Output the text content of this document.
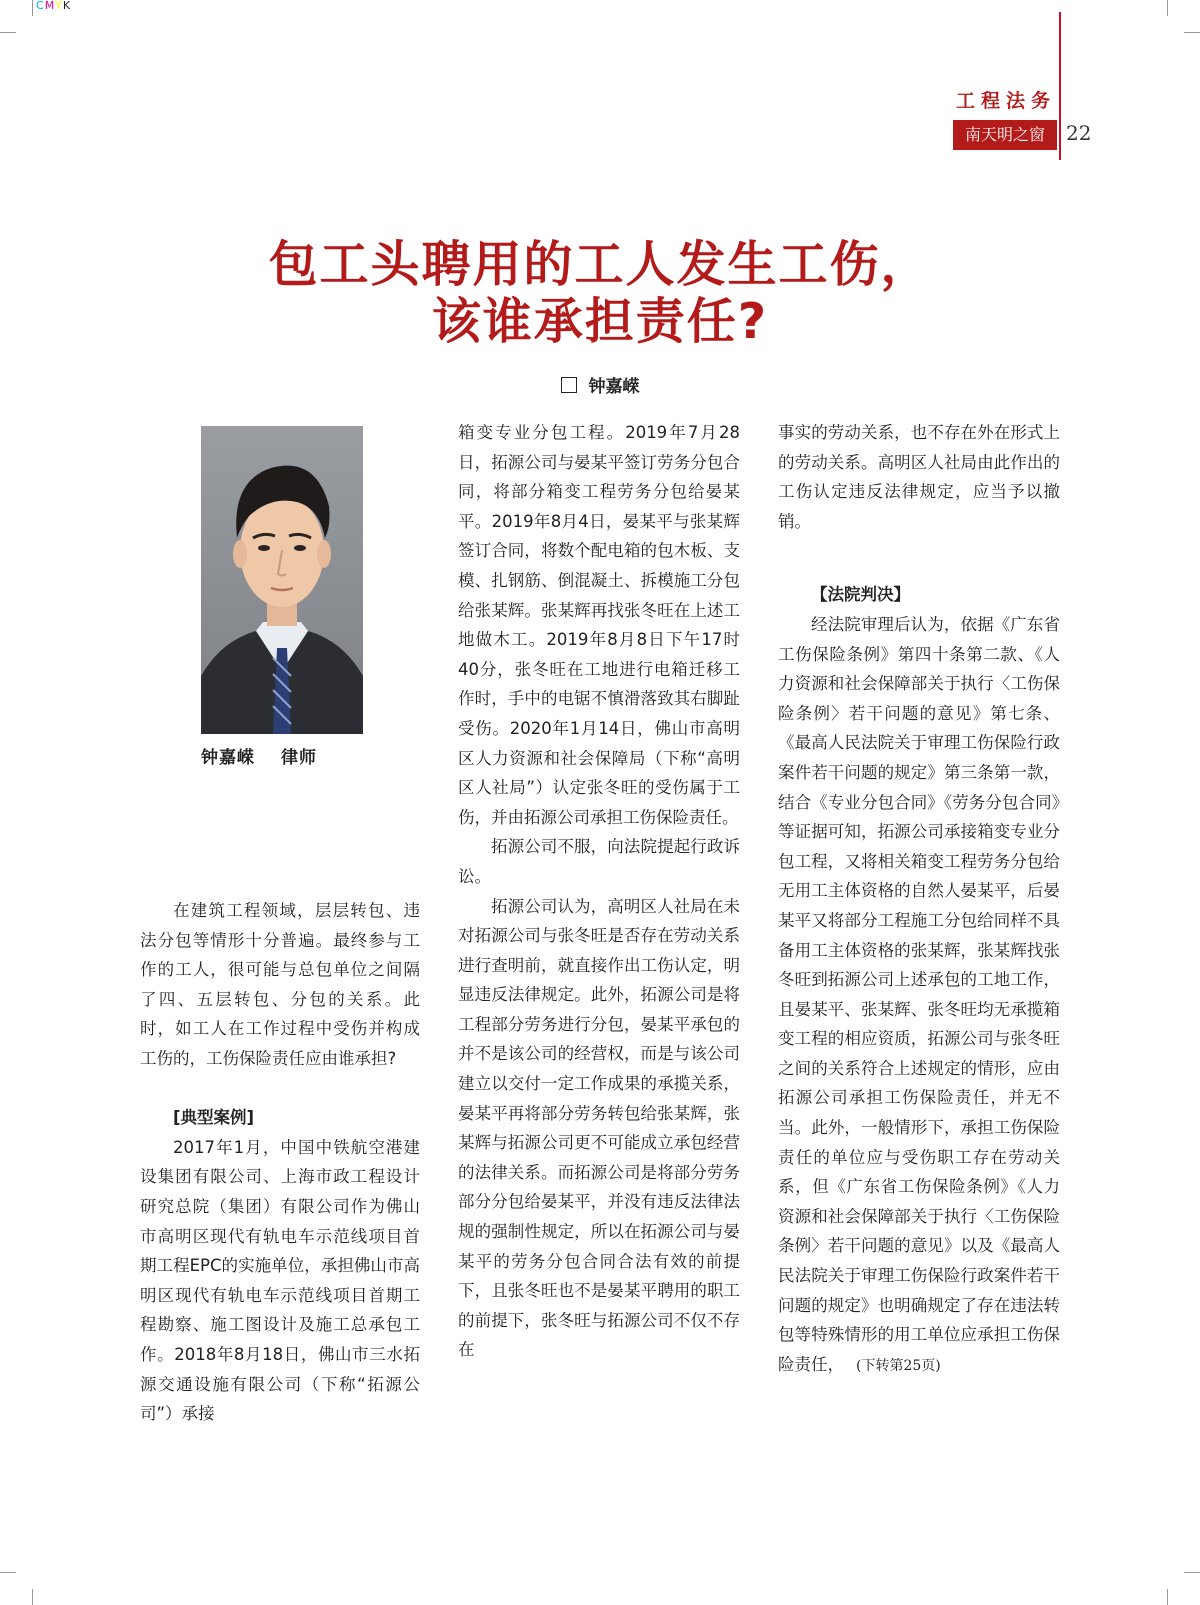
CMYK
工程法务
南天明之窗	22
包工头聘用的工人发生工伤，
该谁承担责任?
钟嘉嵘
钟嘉嵘 律师

在建筑工程领域，层层转包、违法分包等情形十分普遍。最终参与工作的工人，很可能与总包单位之间隔了四、五层转包、分包的关系。此时，如工人在工作过程中受伤并构成工伤的，工伤保险责任应由谁承担?

[典型案例]

2017年1月，中国中铁航空港建设集团有限公司、上海市政工程设计研究总院（集团）有限公司作为佛山市高明区现代有轨电车示范线项目首期工程EPC的实施单位，承担佛山市高明区现代有轨电车示范线项目首期工程勘察、施工图设计及施工总承包工作。2018年8月18日，佛山市三水拓源交通设施有限公司（下称“拓源公司”）承接

箱变专业分包工程。2019年7月28日，拓源公司与晏某平签订劳务分包合同，将部分箱变工程劳务分包给晏某平。2019年8月4日，晏某平与张某辉签订合同，将数个配电箱的包木板、支模、扎钢筋、倒混凝土、拆模施工分包给张某辉。张某辉再找张冬旺在上述工地做木工。2019年8月8日下午17时40分，张冬旺在工地进行电箱迁移工作时，手中的电锯不慎滑落致其右脚趾受伤。2020年1月14日，佛山市高明区人力资源和社会保障局（下称“高明区人社局”）认定张冬旺的受伤属于工伤，并由拓源公司承担工伤保险责任。

拓源公司不服，向法院提起行政诉讼。

拓源公司认为，高明区人社局在未对拓源公司与张冬旺是否存在劳动关系进行查明前，就直接作出工伤认定，明显违反法律规定。此外，拓源公司是将工程部分劳务进行分包，晏某平承包的并不是该公司的经营权，而是与该公司建立以交付一定工作成果的承揽关系，晏某平再将部分劳务转包给张某辉，张某辉与拓源公司更不可能成立承包经营的法律关系。而拓源公司是将部分劳务部分分包给晏某平，并没有违反法律法规的强制性规定，所以在拓源公司与晏某平的劳务分包合同合法有效的前提下，且张冬旺也不是晏某平聘用的职工的前提下，张冬旺与拓源公司不仅不存在

事实的劳动关系，也不存在外在形式上的劳动关系。高明区人社局由此作出的工伤认定违反法律规定，应当予以撤销。

【法院判决】

经法院审理后认为，依据《广东省工伤保险条例》第四十条第二款、《人力资源和社会保障部关于执行〈工伤保险条例〉若干问题的意见》第七条、《最高人民法院关于审理工伤保险行政案件若干问题的规定》第三条第一款，结合《专业分包合同》《劳务分包合同》等证据可知，拓源公司承接箱变专业分包工程，又将相关箱变工程劳务分包给无用工主体资格的自然人晏某平，后晏某平又将部分工程施工分包给同样不具备用工主体资格的张某辉，张某辉找张冬旺到拓源公司上述承包的工地工作，且晏某平、张某辉、张冬旺均无承揽箱变工程的相应资质，拓源公司与张冬旺之间的关系符合上述规定的情形，应由拓源公司承担工伤保险责任，并无不当。此外，一般情形下，承担工伤保险责任的单位应与受伤职工存在劳动关系，但《广东省工伤保险条例》《人力资源和社会保障部关于执行〈工伤保险条例〉若干问题的意见》以及《最高人民法院关于审理工伤保险行政案件若干问题的规定》也明确规定了存在违法转包等特殊情形的用工单位应承担工伤保险责任， (下转第25页)
